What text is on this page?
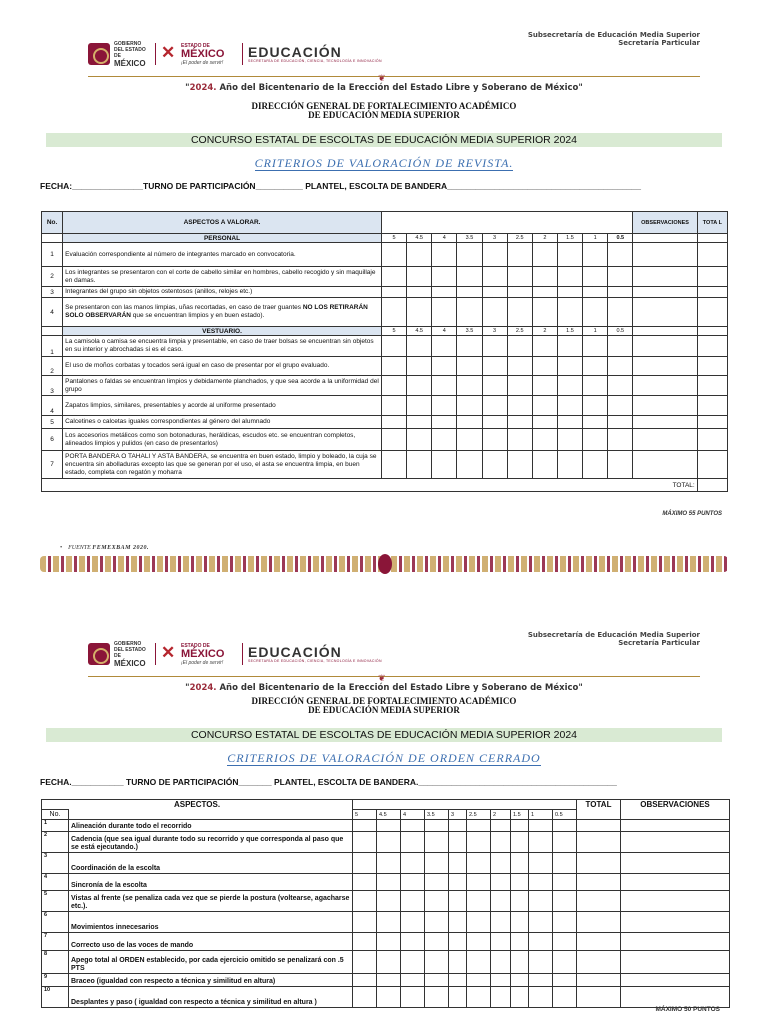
Subsecretaría de Educación Media Superior
Secretaría Particular
GOBIERNO DEL ESTADO DE
MÉXICO
✕
ESTADO DE
MÉXICO
¡El poder de servir!
EDUCACIÓN
SECRETARÍA DE EDUCACIÓN, CIENCIA, TECNOLOGÍA E INNOVACIÓN
❦
"2024. Año del Bicentenario de la Erección del Estado Libre y Soberano de México"
DIRECCIÓN GENERAL DE FORTALECIMIENTO ACADÉMICO
DE EDUCACIÓN MEDIA SUPERIOR
CONCURSO ESTATAL DE ESCOLTAS DE EDUCACIÓN MEDIA SUPERIOR 2024
CRITERIOS DE VALORACIÓN DE REVISTA.
FECHA:_______________TURNO DE PARTICIPACIÓN__________ PLANTEL, ESCOLTA DE BANDERA_________________________________________
No.	ASPECTOS A VALORAR.											OBSERVACIONES	TOTA L
	PERSONAL	5	4.5	4	3.5	3	2.5	2	1.5	1	0.5		
1	Evaluación correspondiente al número de integrantes marcado en convocatoria.												
2	Los integrantes se presentaron con el corte de cabello similar en hombres, cabello recogido y sin maquillaje en damas.												
3	Integrantes del grupo sin objetos ostentosos (anillos, relojes etc.)												
4	Se presentaron con las manos limpias, uñas recortadas, en caso de traer guantes NO LOS RETIRARÁN SOLO OBSERVARÁN que se encuentran limpios y en buen estado).												
	VESTUARIO.	5	4.5	4	3.5	3	2.5	2	1.5	1	0.5		
1	La camisola o camisa se encuentra limpia y presentable, en caso de traer bolsas se encuentran sin objetos en su interior y abrochadas si es el caso.												
2	El uso de moños corbatas y tocados será igual en caso de presentar por el grupo evaluado.												
3	Pantalones o faldas se encuentran limpios y debidamente planchados, y que sea acorde a la uniformidad del grupo												
4	Zapatos limpios, similares, presentables y acorde al uniforme presentado												
5	Calcetines o calcetas iguales correspondientes al género del alumnado												
6	Los accesorios metálicos como son botonaduras, heráldicas, escudos etc. se encuentran completos, alineados limpios y pulidos (en caso de presentarlos)												
7	PORTA BANDERA O TAHALI Y ASTA BANDERA, se encuentra en buen estado, limpio y boleado, la cuja se encuentra sin abolladuras excepto las que se generan por el uso, el asta se encuentra limpia, en buen estado, completa con regatón y moharra												
												TOTAL:	
MÁXIMO 55 PUNTOS
•    FUENTE FEMEXBAM 2020.
Subsecretaría de Educación Media Superior
Secretaría Particular
GOBIERNO DEL ESTADO DE
MÉXICO
✕
ESTADO DE
MÉXICO
¡El poder de servir!
EDUCACIÓN
SECRETARÍA DE EDUCACIÓN, CIENCIA, TECNOLOGÍA E INNOVACIÓN
❦
"2024. Año del Bicentenario de la Erección del Estado Libre y Soberano de México"
DIRECCIÓN GENERAL DE FORTALECIMIENTO ACADÉMICO
DE EDUCACIÓN MEDIA SUPERIOR
CONCURSO ESTATAL DE ESCOLTAS DE EDUCACIÓN MEDIA SUPERIOR 2024
CRITERIOS DE VALORACIÓN DE ORDEN CERRADO
FECHA.___________ TURNO DE PARTICIPACIÓN_______ PLANTEL, ESCOLTA DE BANDERA.__________________________________________
ASPECTOS.												TOTAL	OBSERVACIONES
No.		5	4.5	4	3.5	3	2.5	2	1.5	1	0.5		
1	Alineación durante todo el recorrido												
2	Cadencia (que sea igual durante todo su recorrido y que corresponda al paso que se está ejecutando.)												
3	Coordinación de la escolta												
4	Sincronía de la escolta												
5	Vistas al frente (se penaliza cada vez que se pierde la postura (voltearse, agacharse etc.).												
6	Movimientos innecesarios												
7	Correcto uso de las voces de mando												
8	Apego total al ORDEN establecido, por cada ejercicio omitido se penalizará con .5 PTS												
9	Braceo (igualdad con respecto a técnica y similitud en altura)												
10	Desplantes y paso ( igualdad con respecto a técnica y similitud en altura )												
MÁXIMO 50 PUNTOS
